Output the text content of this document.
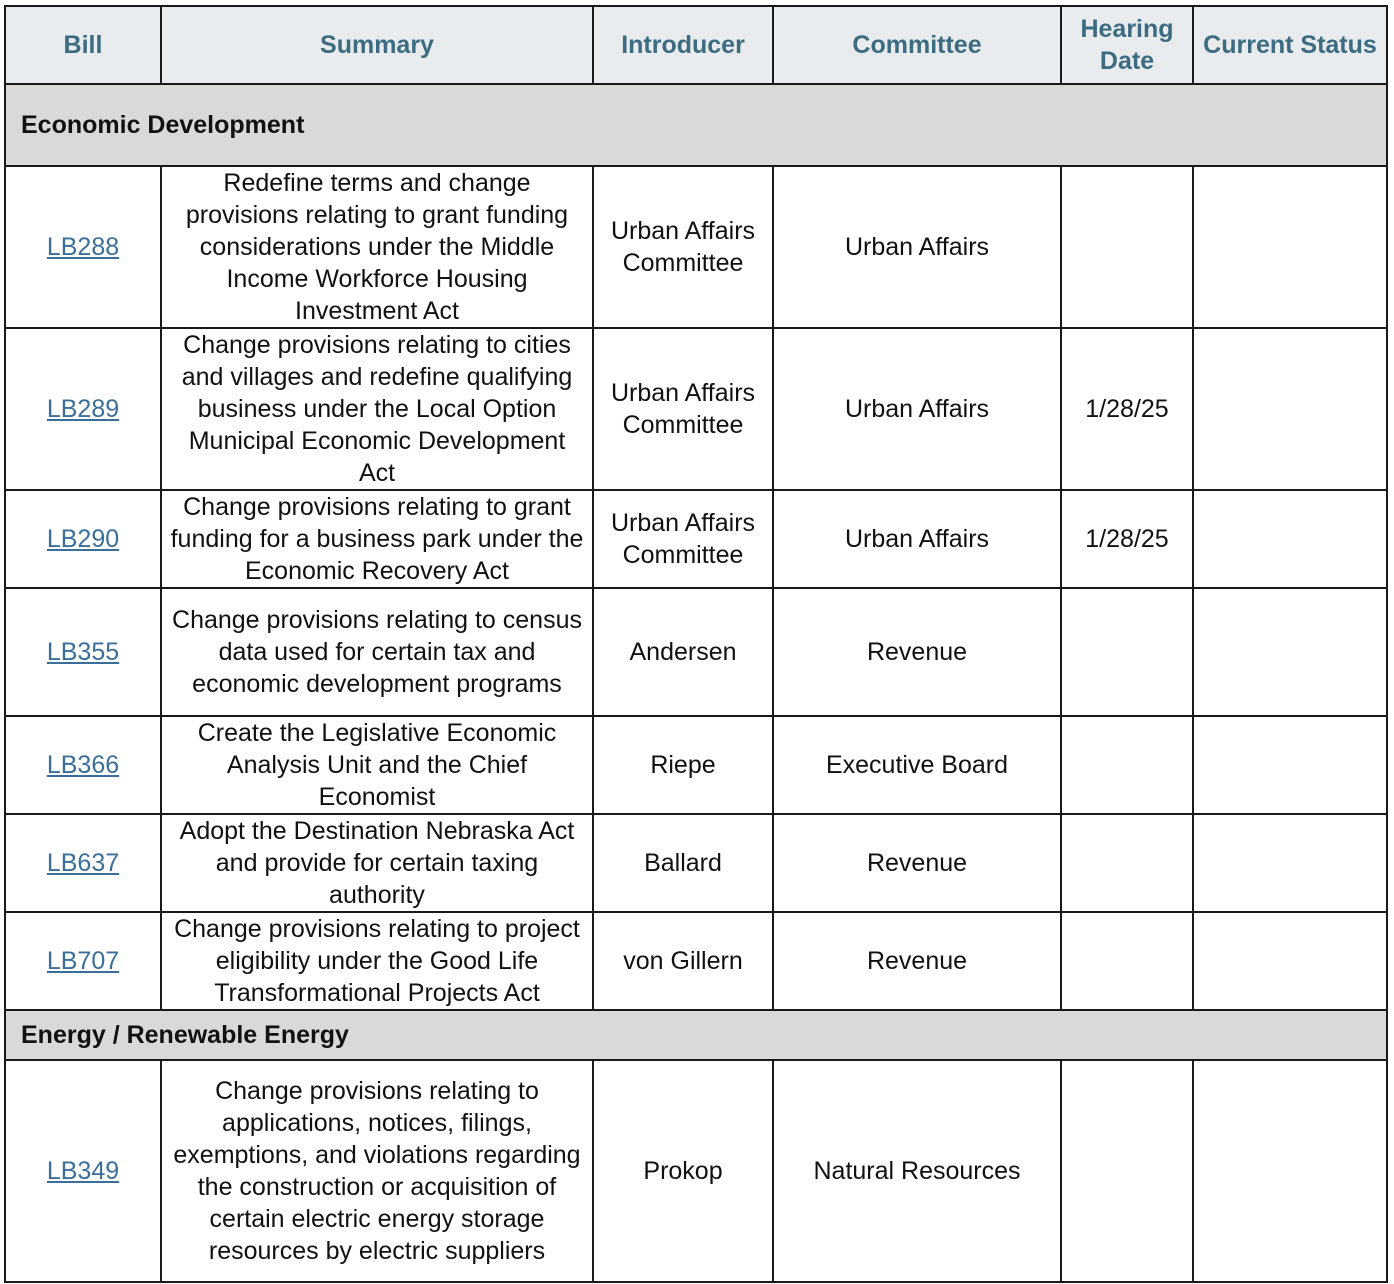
Bill	Summary	Introducer	Committee	Hearing Date	Current Status
Economic Development					
LB288	Redefine terms and change provisions relating to grant funding considerations under the Middle Income Workforce Housing Investment Act	Urban Affairs Committee	Urban Affairs		
LB289	Change provisions relating to cities and villages and redefine qualifying business under the Local Option Municipal Economic Development Act	Urban Affairs Committee	Urban Affairs	1/28/25	
LB290	Change provisions relating to grant funding for a business park under the Economic Recovery Act	Urban Affairs Committee	Urban Affairs	1/28/25	
LB355	Change provisions relating to census data used for certain tax and economic development programs	Andersen	Revenue		
LB366	Create the Legislative Economic Analysis Unit and the Chief Economist	Riepe	Executive Board		
LB637	Adopt the Destination Nebraska Act and provide for certain taxing authority	Ballard	Revenue		
LB707	Change provisions relating to project eligibility under the Good Life Transformational Projects Act	von Gillern	Revenue		
Energy / Renewable Energy					
LB349	Change provisions relating to applications, notices, filings, exemptions, and violations regarding the construction or acquisition of certain electric energy storage resources by electric suppliers	Prokop	Natural Resources		
